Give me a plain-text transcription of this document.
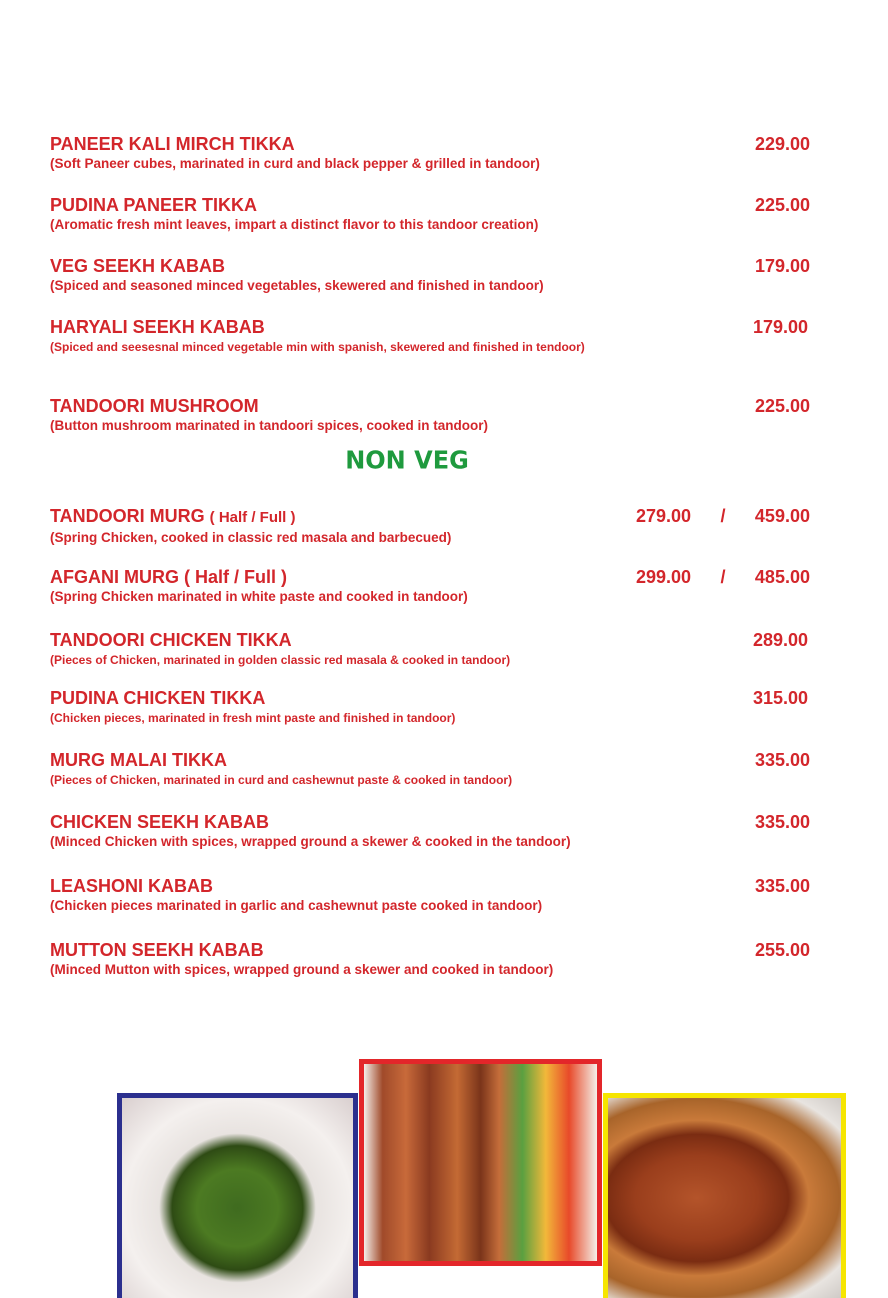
PANEER KALI MIRCH TIKKA
(Soft Paneer cubes, marinated in curd and black pepper & grilled in tandoor)
229.00
PUDINA PANEER TIKKA
(Aromatic fresh mint leaves, impart a distinct flavor to this tandoor creation)
225.00
VEG SEEKH KABAB
(Spiced and seasoned minced vegetables, skewered and finished in tandoor)
179.00
HARYALI SEEKH KABAB
(Spiced and seesesnal minced vegetable min with spanish, skewered and finished in tendoor)
179.00
TANDOORI MUSHROOM
(Button mushroom marinated in tandoori spices, cooked in tandoor)
225.00
NON VEG
TANDOORI MURG ( Half / Full )
(Spring Chicken, cooked in classic red masala and barbecued)
279.00 / 459.00
AFGANI MURG ( Half / Full )
(Spring Chicken marinated in white paste and cooked in tandoor)
299.00 / 485.00
TANDOORI CHICKEN TIKKA
(Pieces of Chicken, marinated in golden classic red masala & cooked in tandoor)
289.00
PUDINA CHICKEN TIKKA
(Chicken pieces, marinated in fresh mint paste and finished in tandoor)
315.00
MURG MALAI TIKKA
(Pieces of Chicken, marinated in curd and cashewnut paste & cooked in tandoor)
335.00
CHICKEN SEEKH KABAB
(Minced Chicken with spices, wrapped ground a skewer & cooked in the tandoor)
335.00
LEASHONI KABAB
(Chicken pieces marinated in garlic and cashewnut paste cooked in tandoor)
335.00
MUTTON SEEKH KABAB
(Minced Mutton with spices, wrapped ground a skewer and cooked in tandoor)
255.00
